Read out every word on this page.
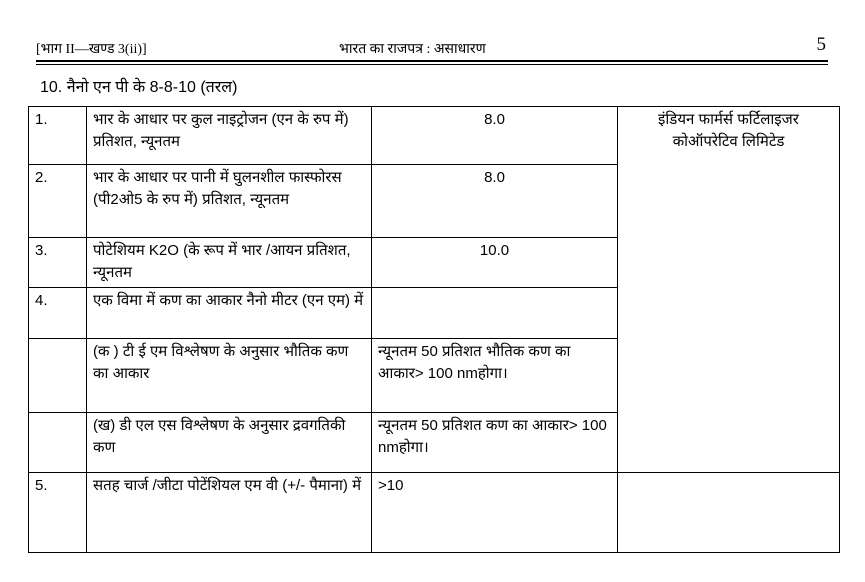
[भाग II—खण्ड 3(ii)]	भारत का राजपत्र : असाधारण	5
10. नैनो एन पी के 8-8-10 (तरल)
1.	भार के आधार पर कुल नाइट्रोजन (एन के रुप में) प्रतिशत, न्यूनतम	8.0	इंडियन फार्मर्स फर्टिलाइजर कोऑपरेटिव लिमिटेड
2.	भार के आधार पर पानी में घुलनशील फास्फोरस (पी2ओ5 के रुप में) प्रतिशत, न्यूनतम	8.0	
3.	पोटेशियम K2O (के रूप में भार /आयन प्रतिशत, न्यूनतम	10.0	
4.	एक विमा में कण का आकार नैनो मीटर (एन एम) में		
	(क ) टी ई एम विश्लेषण के अनुसार भौतिक कण का आकार	न्यूनतम 50 प्रतिशत भौतिक कण का आकार> 100 nmहोगा।	
	(ख) डी एल एस विश्लेषण के अनुसार द्रवगतिकी कण	न्यूनतम 50 प्रतिशत कण का आकार> 100 nmहोगा।	
5.	सतह चार्ज /जीटा पोटेंशियल एम वी (+/- पैमाना) में	>10	
